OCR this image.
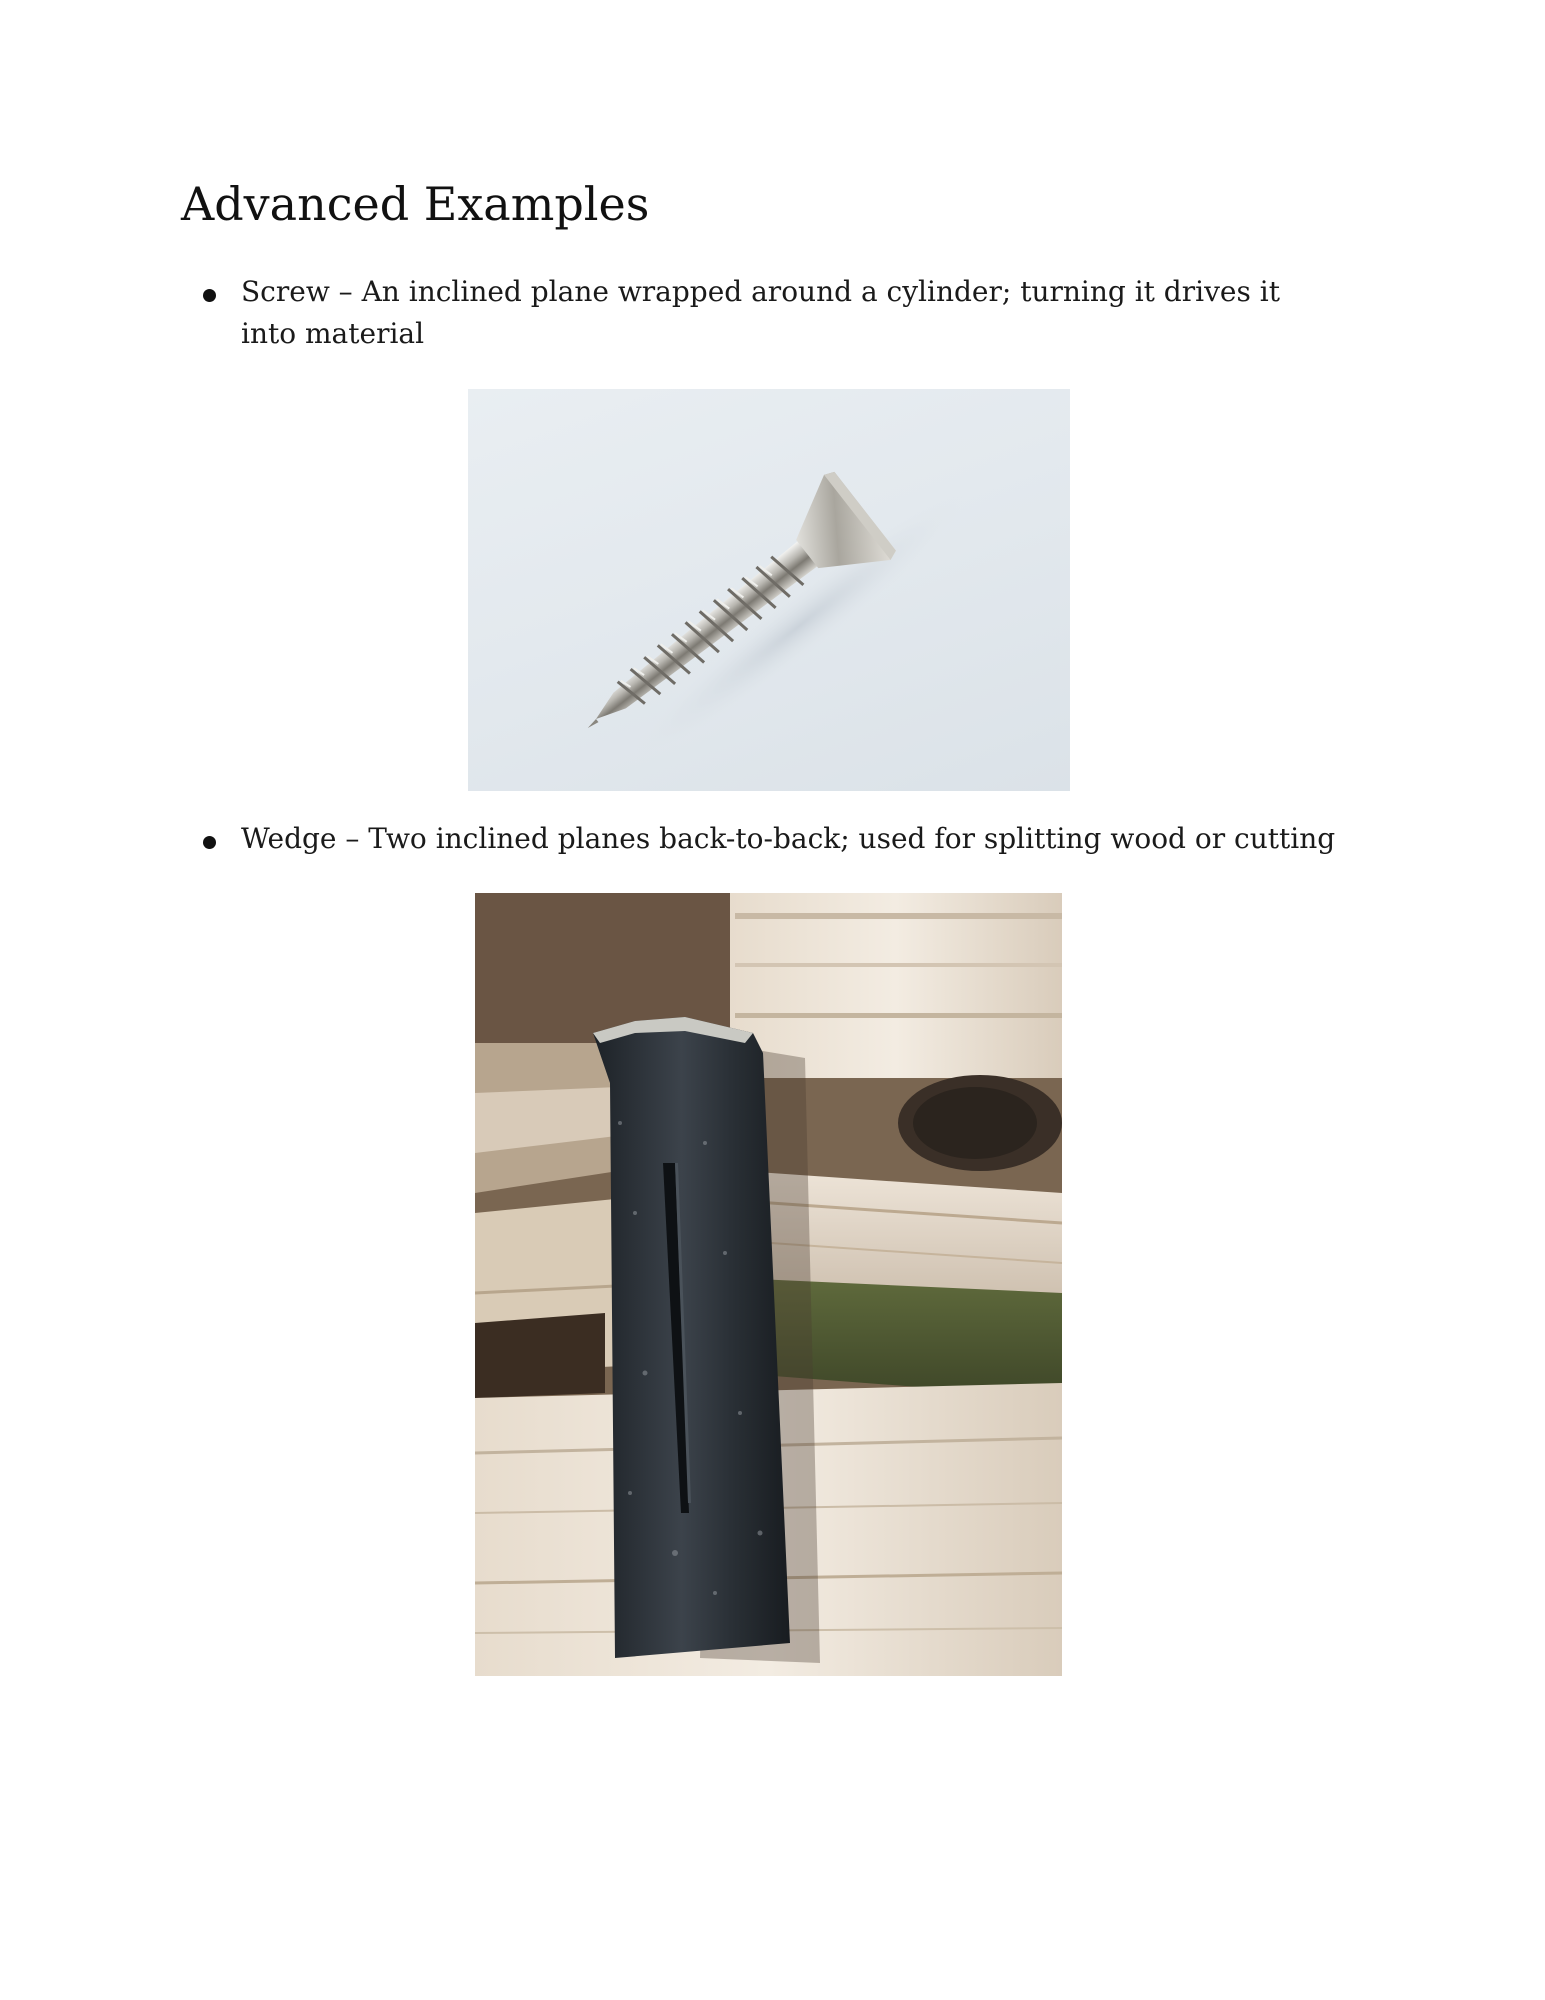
Advanced Examples

Screw – An inclined plane wrapped around a cylinder; turning it drives it into material

Wedge – Two inclined planes back-to-back; used for splitting wood or cutting
